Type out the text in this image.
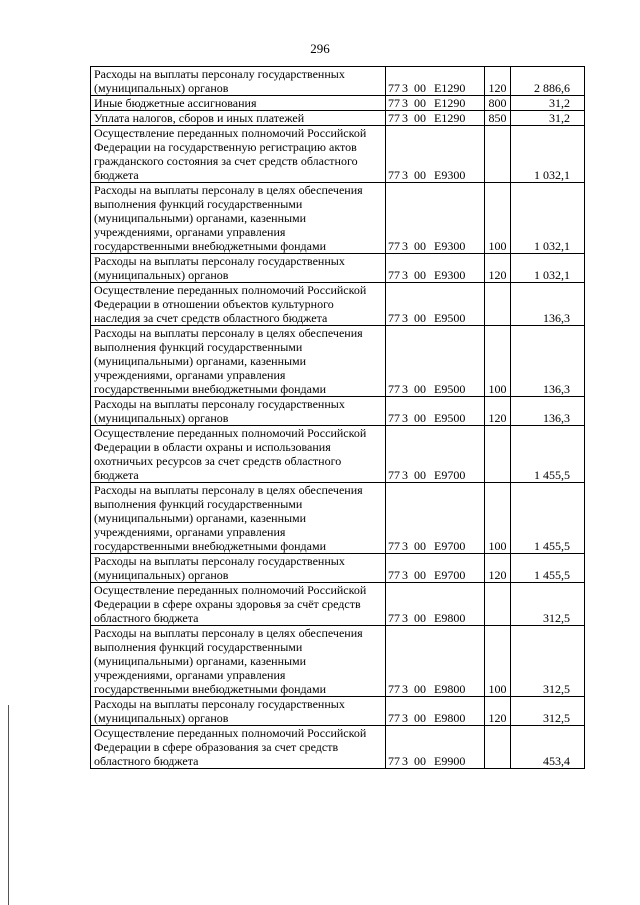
296
Расходы на выплаты персоналу государственных (муниципальных) органов	77 3 00 Е1290	120	2 886,6
Иные бюджетные ассигнования	77 3 00 Е1290	800	31,2
Уплата налогов, сборов и иных платежей	77 3 00 Е1290	850	31,2
Осуществление переданных полномочий Российской Федерации на государственную регистрацию актов гражданского состояния за счет средств областного бюджета	77 3 00 Е9300		1 032,1
Расходы на выплаты персоналу в целях обеспечения выполнения функций государственными (муниципальными) органами, казенными учреждениями, органами управления государственными внебюджетными фондами	77 3 00 Е9300	100	1 032,1
Расходы на выплаты персоналу государственных (муниципальных) органов	77 3 00 Е9300	120	1 032,1
Осуществление переданных полномочий Российской Федерации в отношении объектов культурного наследия за счет средств областного бюджета	77 3 00 Е9500		136,3
Расходы на выплаты персоналу в целях обеспечения выполнения функций государственными (муниципальными) органами, казенными учреждениями, органами управления государственными внебюджетными фондами	77 3 00 Е9500	100	136,3
Расходы на выплаты персоналу государственных (муниципальных) органов	77 3 00 Е9500	120	136,3
Осуществление переданных полномочий Российской Федерации в области охраны и использования охотничьих ресурсов за счет средств областного бюджета	77 3 00 Е9700		1 455,5
Расходы на выплаты персоналу в целях обеспечения выполнения функций государственными (муниципальными) органами, казенными учреждениями, органами управления государственными внебюджетными фондами	77 3 00 Е9700	100	1 455,5
Расходы на выплаты персоналу государственных (муниципальных) органов	77 3 00 Е9700	120	1 455,5
Осуществление переданных полномочий Российской Федерации в сфере охраны здоровья за счёт средств областного бюджета	77 3 00 Е9800		312,5
Расходы на выплаты персоналу в целях обеспечения выполнения функций государственными (муниципальными) органами, казенными учреждениями, органами управления государственными внебюджетными фондами	77 3 00 Е9800	100	312,5
Расходы на выплаты персоналу государственных (муниципальных) органов	77 3 00 Е9800	120	312,5
Осуществление переданных полномочий Российской Федерации в сфере образования за счет средств областного бюджета	77 3 00 Е9900		453,4
